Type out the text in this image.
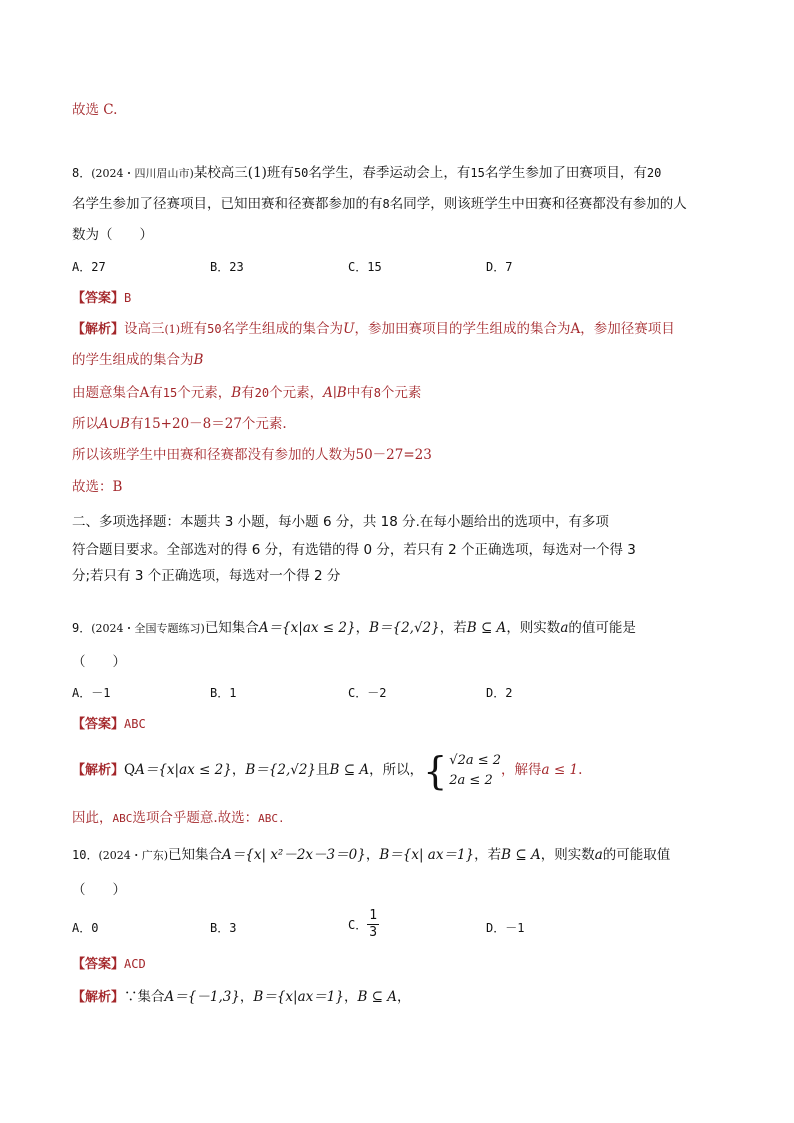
故选 C.
8．(2024・四川眉山市)某校高三(1)班有50名学生，春季运动会上，有15名学生参加了田赛项目，有20
名学生参加了径赛项目，已知田赛和径赛都参加的有8名同学，则该班学生中田赛和径赛都没有参加的人
数为（　　）
A．27	B．23	C．15	D．7
【答案】B
【解析】设高三(1)班有50名学生组成的集合为U，参加田赛项目的学生组成的集合为A，参加径赛项目
的学生组成的集合为B
由题意集合A有15个元素，B有20个元素，A∣B中有8个元素
所以A∪B有15+20－8＝27个元素.
所以该班学生中田赛和径赛都没有参加的人数为50－27=23
故选：B
二、多项选择题：本题共 3 小题，每小题 6 分，共 18 分.在每小题给出的选项中，有多项
符合题目要求。全部选对的得 6 分，有选错的得 0 分，若只有 2 个正确选项，每选对一个得 3
分;若只有 3 个正确选项，每选对一个得 2 分
9．(2024・全国专题练习)已知集合A＝{x|ax ≤ 2}，B＝{2,√2}，若B ⊆ A，则实数a的值可能是
（　　）
A．－1	B．1	C．－2	D．2
【答案】ABC
【解析】QA＝{x|ax ≤ 2}，B＝{2,√2}且B ⊆ A，所以，{ √2a ≤ 2
2a ≤ 2
，解得a ≤ 1.
因此，ABC选项合乎题意.故选：ABC.
10．(2024・广东)已知集合A＝{x| x²－2x－3＝0}，B＝{x| ax＝1}，若B ⊆ A，则实数a的可能取值
（　　）
A．0	B．3	C． $\frac{1}{3}$	D．－1
【答案】ACD
【解析】∵集合A＝{－1,3}，B＝{x|ax＝1}，B ⊆ A，
